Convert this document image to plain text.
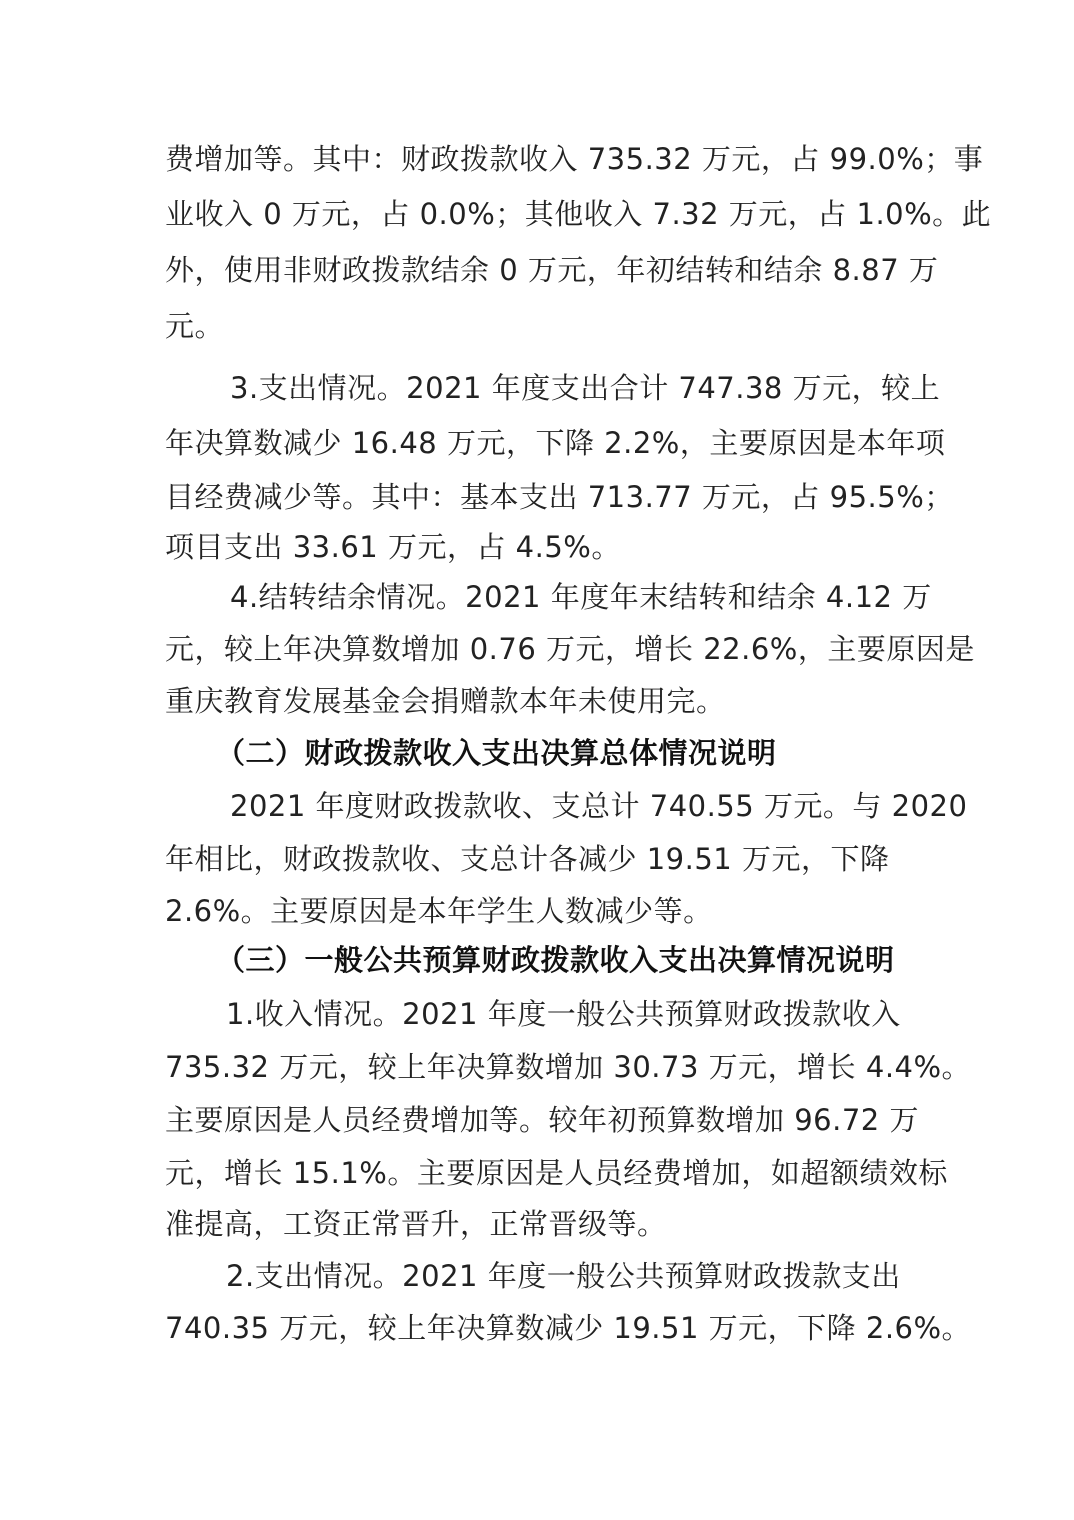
费增加等。其中：财政拨款收入 735.32 万元，占 99.0%；事
业收入 0 万元，占 0.0%；其他收入 7.32 万元，占 1.0%。此
外，使用非财政拨款结余 0 万元，年初结转和结余 8.87 万
元。
3.支出情况。2021 年度支出合计 747.38 万元，较上
年决算数减少 16.48 万元，下降 2.2%，主要原因是本年项
目经费减少等。其中：基本支出 713.77 万元，占 95.5%；
项目支出 33.61 万元，占 4.5%。
4.结转结余情况。2021 年度年末结转和结余 4.12 万
元，较上年决算数增加 0.76 万元，增长 22.6%，主要原因是
重庆教育发展基金会捐赠款本年未使用完。
（二）财政拨款收入支出决算总体情况说明
2021 年度财政拨款收、支总计 740.55 万元。与 2020
年相比，财政拨款收、支总计各减少 19.51 万元，下降
2.6%。主要原因是本年学生人数减少等。
（三）一般公共预算财政拨款收入支出决算情况说明
1.收入情况。2021 年度一般公共预算财政拨款收入
735.32 万元，较上年决算数增加 30.73 万元，增长 4.4%。
主要原因是人员经费增加等。较年初预算数增加 96.72 万
元，增长 15.1%。主要原因是人员经费增加，如超额绩效标
准提高，工资正常晋升，正常晋级等。
2.支出情况。2021 年度一般公共预算财政拨款支出
740.35 万元，较上年决算数减少 19.51 万元，下降 2.6%。
